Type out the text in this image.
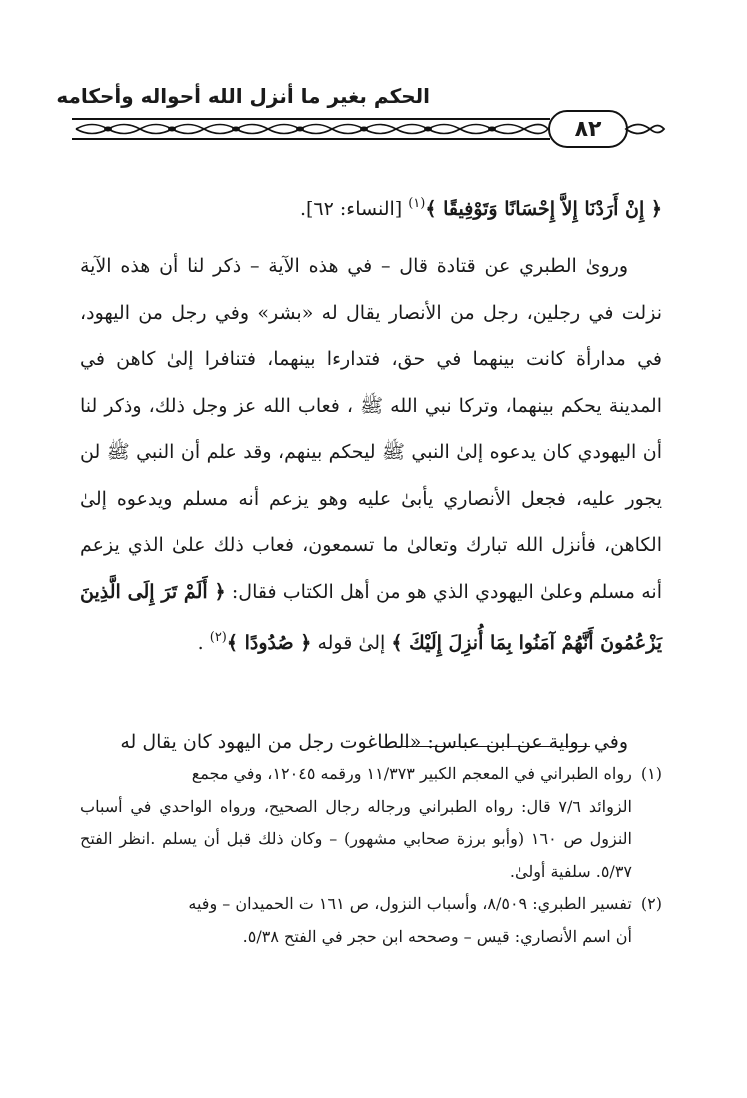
الحكم بغير ما أنزل الله أحواله وأحكامه
٨٢

﴿ إِنْ أَرَدْنَا إِلاَّ إِحْسَانًا وَتَوْفِيقًا ﴾$^{(١)}$ [النساء: ٦٢].

وروىٰ الطبري عن قتادة قال – في هذه الآية – ذكر لنا أن هذه الآية نزلت في رجلين، رجل من الأنصار يقال له «بشر» وفي رجل من اليهود، في مدارأة كانت بينهما في حق، فتدارءا بينهما، فتنافرا إلىٰ كاهن في المدينة يحكم بينهما، وتركا نبي الله ﷺ ، فعاب الله عز وجل ذلك، وذكر لنا أن اليهودي كان يدعوه إلىٰ النبي ﷺ ليحكم بينهم، وقد علم أن النبي ﷺ لن يجور عليه، فجعل الأنصاري يأبىٰ عليه وهو يزعم أنه مسلم ويدعوه إلىٰ الكاهن، فأنزل الله تبارك وتعالىٰ ما تسمعون، فعاب ذلك علىٰ الذي يزعم أنه مسلم وعلىٰ اليهودي الذي هو من أهل الكتاب فقال: ﴿ أَلَمْ تَرَ إِلَى الَّذِينَ يَزْعُمُونَ أَنَّهُمْ آمَنُوا بِمَا أُنزِلَ إِلَيْكَ ﴾ إلىٰ قوله ﴿ صُدُودًا ﴾$^{(٢)}$ .

وفي رواية عن ابن عباس: «الطاغوت رجل من اليهود كان يقال له

(١) رواه الطبراني في المعجم الكبير ١١/٣٧٣ ورقمه ١٢٠٤٥، وفي مجمع

الزوائد ٧/٦ قال: رواه الطبراني ورجاله رجال الصحيح، ورواه الواحدي في أسباب النزول ص ١٦٠ (وأبو برزة صحابي مشهور) – وكان ذلك قبل أن يسلم .انظر الفتح ٥/٣٧. سلفية أولىٰ.

(٢) تفسير الطبري: ٨/٥٠٩، وأسباب النزول، ص ١٦١ ت الحميدان – وفيه

أن اسم الأنصاري: قيس – وصححه ابن حجر في الفتح ٥/٣٨.
